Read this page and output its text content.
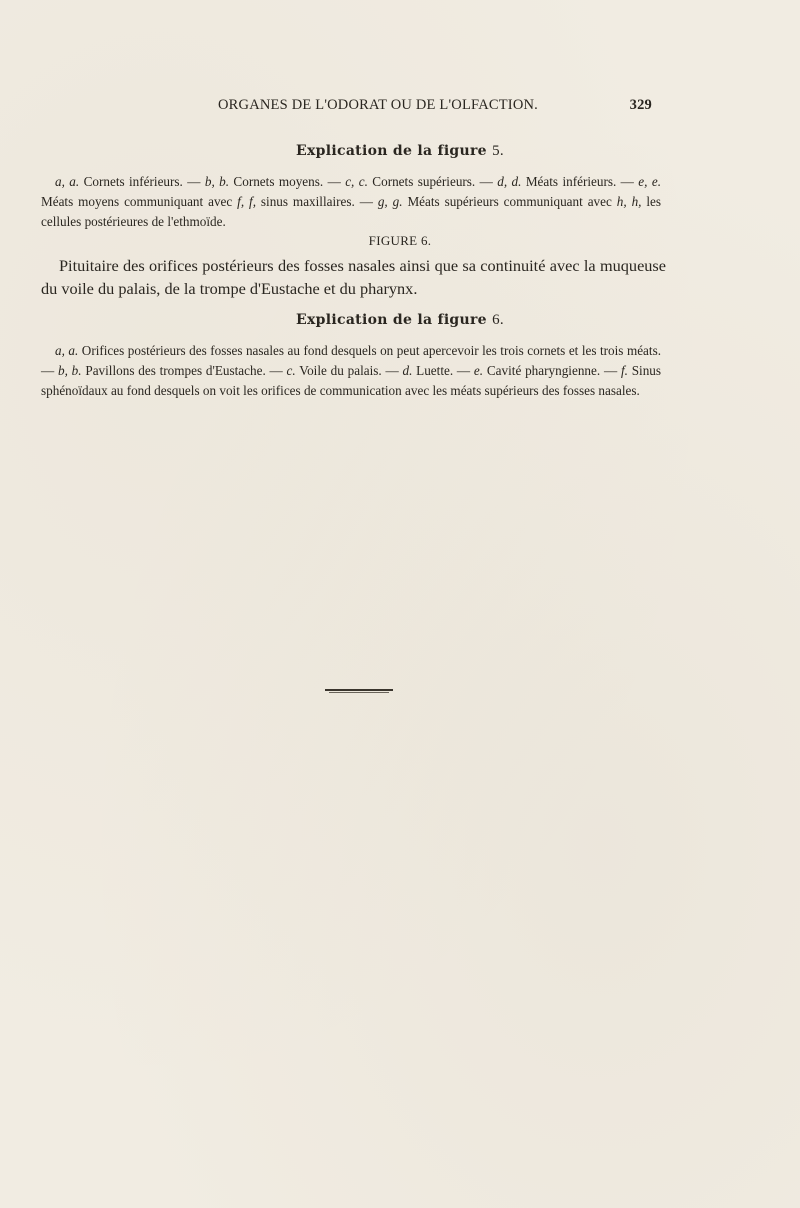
ORGANES DE L'ODORAT OU DE L'OLFACTION.	329
Explication de la figure 5.
a, a. Cornets inférieurs. — b, b. Cornets moyens. — c, c. Cornets supérieurs. — d, d. Méats inférieurs. — e, e. Méats moyens communiquant avec f, f, sinus maxillaires. — g, g. Méats supérieurs communiquant avec h, h, les cellules postérieures de l'ethmoïde.
FIGURE 6.
Pituitaire des orifices postérieurs des fosses nasales ainsi que sa continuité avec la muqueuse du voile du palais, de la trompe d'Eustache et du pharynx.
Explication de la figure 6.
a, a. Orifices postérieurs des fosses nasales au fond desquels on peut apercevoir les trois cornets et les trois méats. — b, b. Pavillons des trompes d'Eustache. — c. Voile du palais. — d. Luette. — e. Cavité pharyngienne. — f. Sinus sphénoïdaux au fond desquels on voit les orifices de communication avec les méats supérieurs des fosses nasales.
